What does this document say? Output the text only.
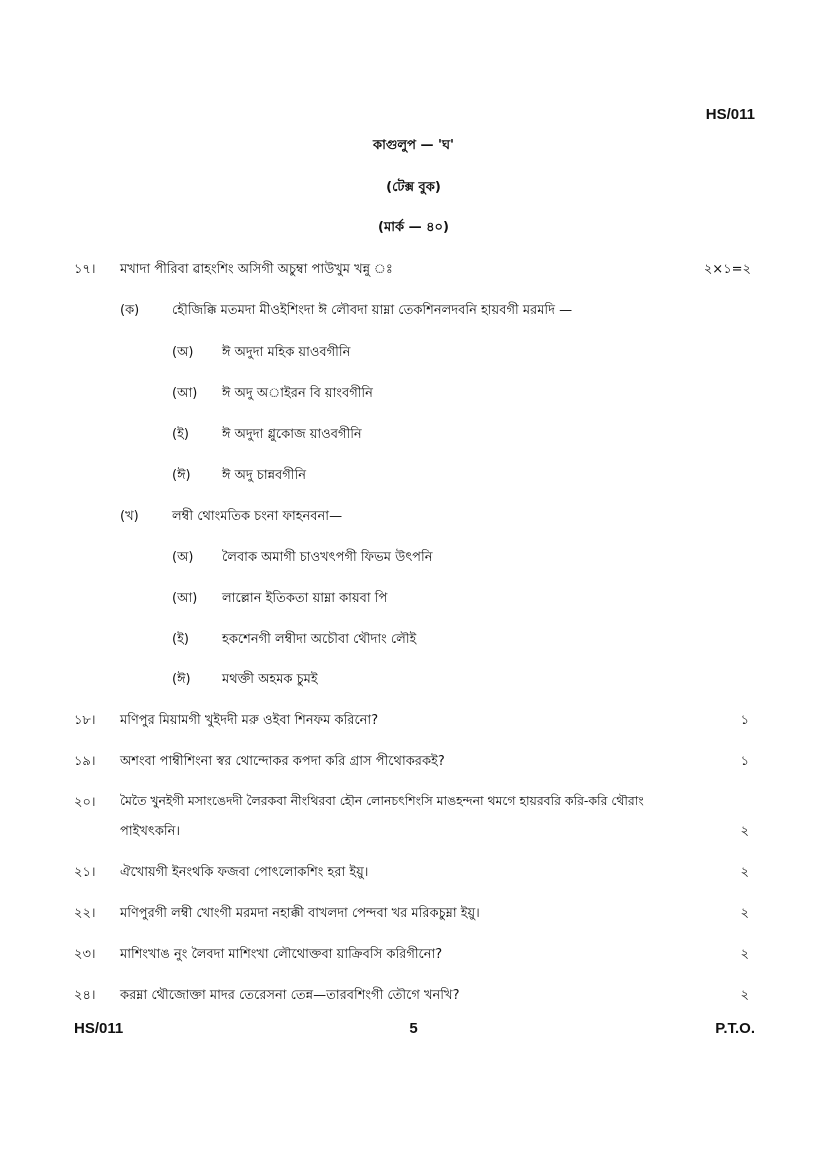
HS/011
কাগুলুপ — 'ঘ'
(টেক্স বুক)
(মার্ক — ৪০)
১৭। মখাদা পীরিবা ৱাহংশিং অসিগী অচুম্বা পাউখুম খন্নু ঃ	২×১=২
(ক)	হৌজিক্কি মতমদা মীওইশিংদা ঈ লৌবদা য়াম্না তেকশিনলদবনি হায়বগী মরমদি —
(অ) ঈ অদুদা মহিক য়াওবগীনি
(আ) ঈ অদু অাইরন বি য়াংবগীনি
(ই)	ঈ অদুদা গ্লুকোজ য়াওবগীনি
(ঈ) ঈ অদু চান্নবগীনি
(খ)	লম্বী থোংমতিক চংনা ফাহনবনা—
(অ) লৈবাক অমাগী চাওখৎপগী ফিভম উৎপনি
(আ) লাল্লোন ইতিকতা য়াম্না কায়বা পি
(ই)	হকশেনগী লম্বীদা অচৌবা থৌদাং লৌই
(ঈ) মথক্তী অহমক চুমই
১৮। মণিপুর মিয়ামগী খুইদদী মরু ওইবা শিনফম করিনো?	১
১৯। অশংবা পাম্বীশিংনা স্বর থোন্দোকর কপদা করি গ্রাস পীথোকরকই?	১
২০। মৈতৈ খুনইগী মসাংঙেদদী লৈরকবা নীংথিরবা হৌন লোনচৎশিংসি মাঙহন্দনা থমগে হায়রবরি করি-করি থৌরাং
পাইখৎকনি।	২
২১। ঐখোয়গী ইনংথকি ফজবা পোৎলোকশিং হরা ইয়ু।	২
২২। মণিপুরগী লম্বী খোংগী মরমদা নহাক্কী বাখলদা পেন্দবা খর মরিকচুম্না ইয়ু।	২
২৩। মাশিংখাঙ নুং লৈবদা মাশিংখা লৌথোক্তবা য়াক্রিবসি করিগীনো?	২
২৪। করম্না থৌজোক্তা মাদর তেরেসনা তেন্ন—তারবশিংগী তৌগে খনখি?	২
HS/011	5	P.T.O.
